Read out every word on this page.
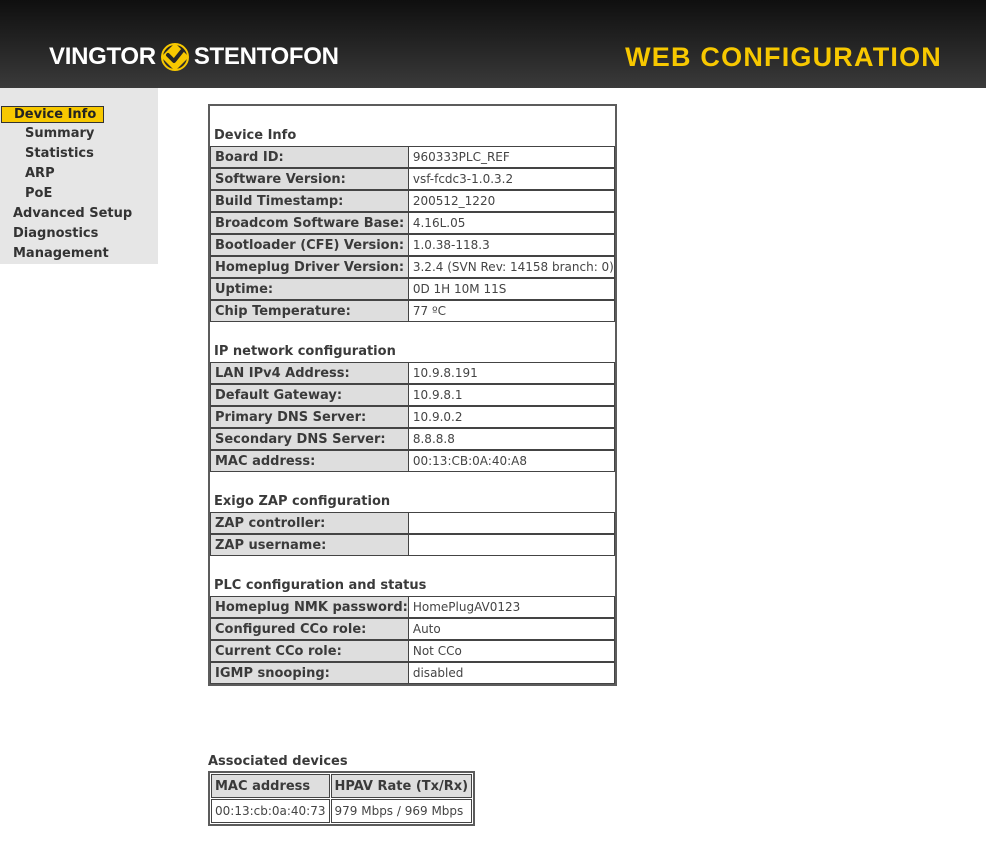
VINGTOR STENTOFON	WEB CONFIGURATION
Device Info
Summary
Statistics
ARP
PoE
Advanced Setup
Diagnostics
Management
Device Info	
Board ID:	960333PLC_REF
Software Version:	vsf-fcdc3-1.0.3.2
Build Timestamp:	200512_1220
Broadcom Software Base:	4.16L.05
Bootloader (CFE) Version:	1.0.38-118.3
Homeplug Driver Version:	3.2.4 (SVN Rev: 14158 branch: 0)
Uptime:	0D 1H 10M 11S
Chip Temperature:	77 ºC
IP network configuration	
LAN IPv4 Address:	10.9.8.191
Default Gateway:	10.9.8.1
Primary DNS Server:	10.9.0.2
Secondary DNS Server:	8.8.8.8
MAC address:	00:13:CB:0A:40:A8
Exigo ZAP configuration	
ZAP controller:	
ZAP username:	
PLC configuration and status	
Homeplug NMK password:	HomePlugAV0123
Configured CCo role:	Auto
Current CCo role:	Not CCo
IGMP snooping:	disabled
Associated devices
MAC address	HPAV Rate (Tx/Rx)
00:13:cb:0a:40:73	979 Mbps / 969 Mbps
